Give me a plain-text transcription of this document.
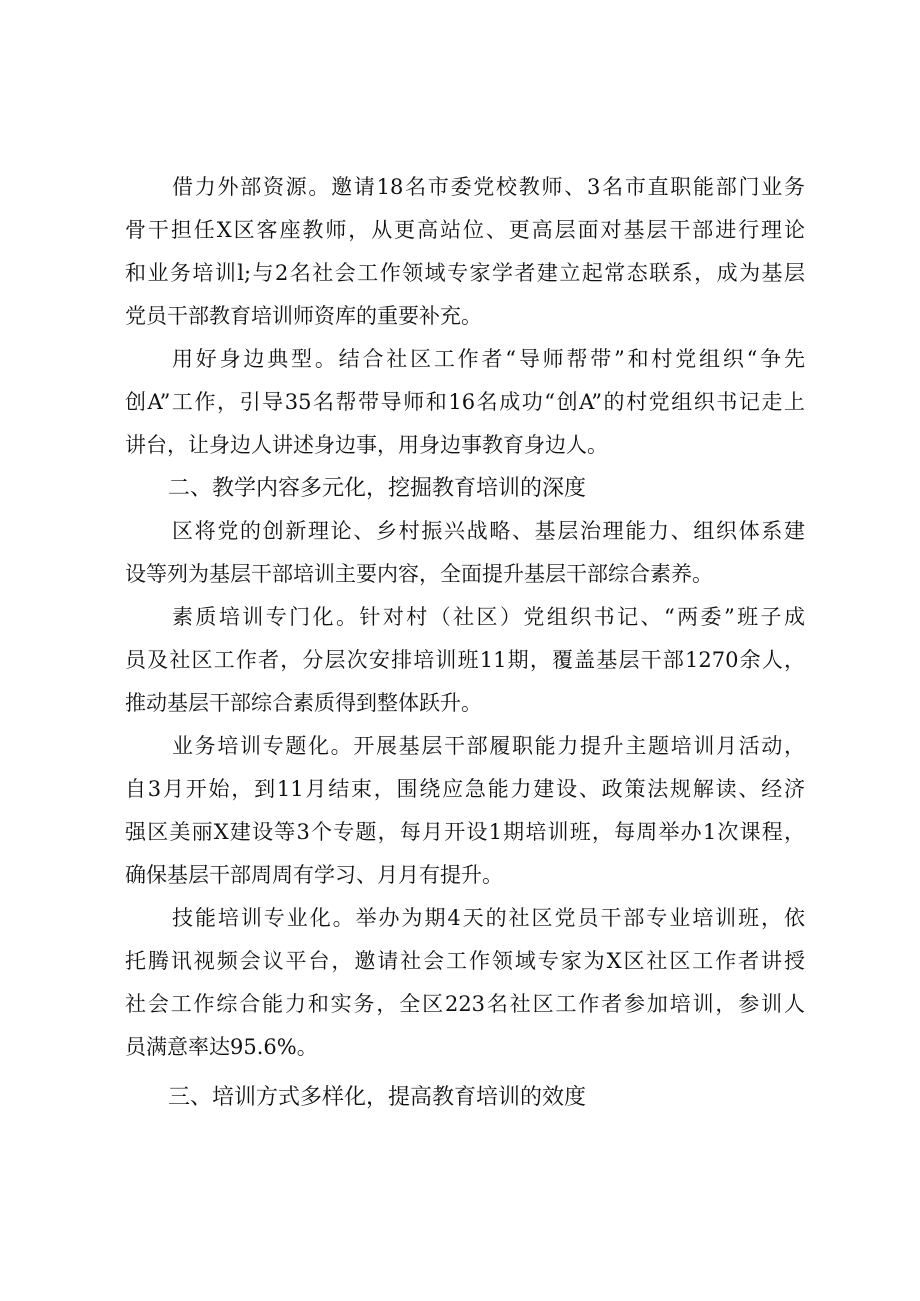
借力外部资源。邀请18名市委党校教师、3名市直职能部门业务
骨干担任X区客座教师，从更高站位、更高层面对基层干部进行理论
和业务培训l;与2名社会工作领域专家学者建立起常态联系，成为基层
党员干部教育培训师资库的重要补充。
用好身边典型。结合社区工作者“导师帮带”和村党组织“争先
创A”工作，引导35名帮带导师和16名成功“创A”的村党组织书记走上
讲台，让身边人讲述身边事，用身边事教育身边人。
二、教学内容多元化，挖掘教育培训的深度
区将党的创新理论、乡村振兴战略、基层治理能力、组织体系建
设等列为基层干部培训主要内容，全面提升基层干部综合素养。
素质培训专门化。针对村（社区）党组织书记、“两委”班子成
员及社区工作者，分层次安排培训班11期，覆盖基层干部1270余人，
推动基层干部综合素质得到整体跃升。
业务培训专题化。开展基层干部履职能力提升主题培训月活动，
自3月开始，到11月结束，围绕应急能力建设、政策法规解读、经济
强区美丽X建设等3个专题，每月开设1期培训班，每周举办1次课程，
确保基层干部周周有学习、月月有提升。
技能培训专业化。举办为期4天的社区党员干部专业培训班，依
托腾讯视频会议平台，邀请社会工作领域专家为X区社区工作者讲授
社会工作综合能力和实务，全区223名社区工作者参加培训，参训人
员满意率达95.6%。
三、培训方式多样化，提高教育培训的效度
